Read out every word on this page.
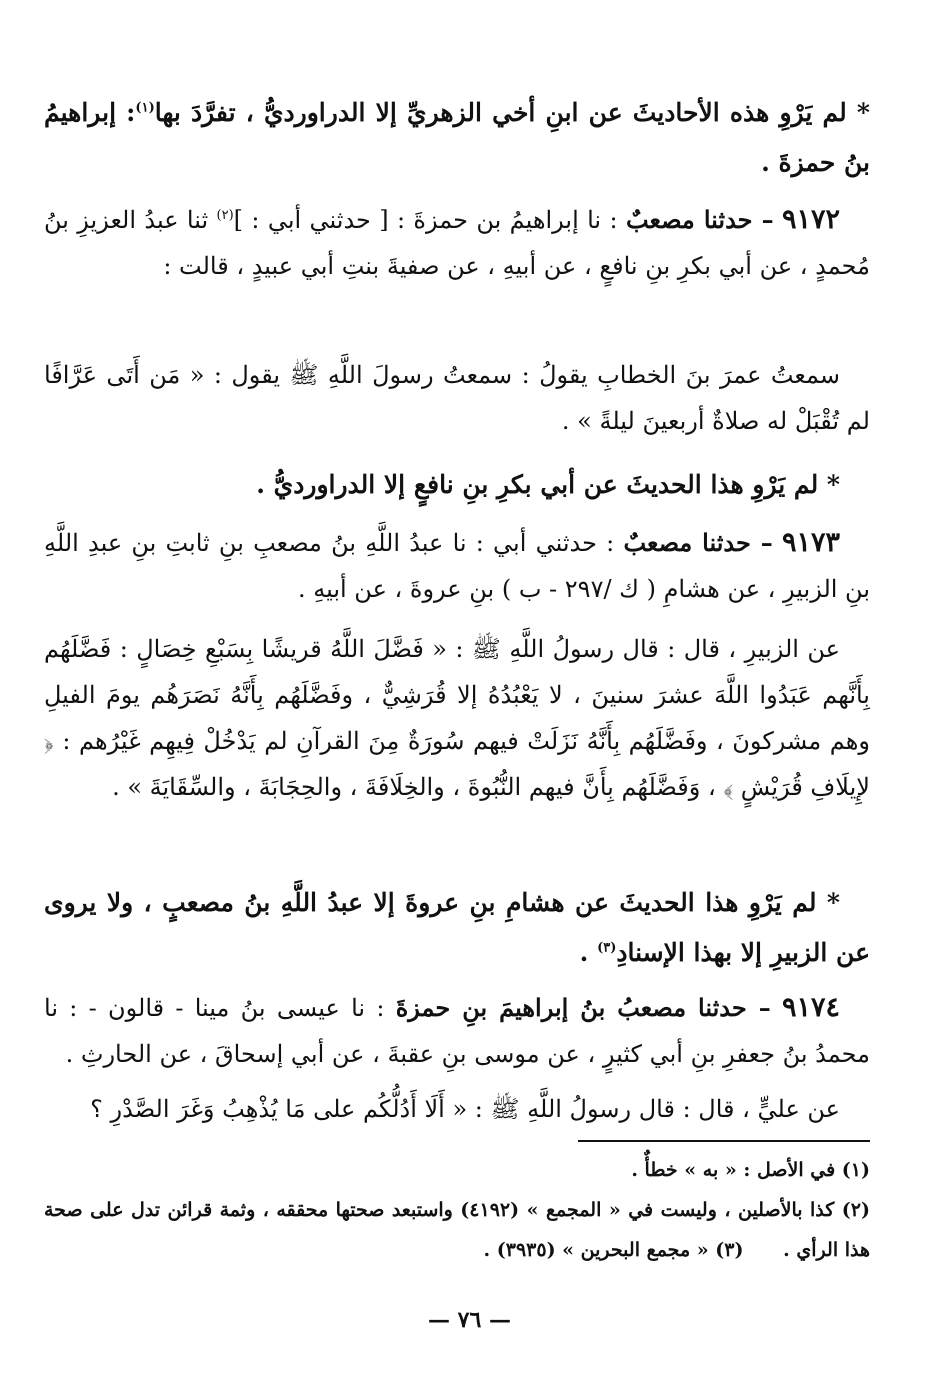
* لم يَرْوِ هذه الأحاديثَ عن ابنِ أخي الزهريِّ إلا الدراورديُّ ، تفرَّدَ بها$^{(١)}$: إبراهيمُ بنُ حمزةَ .

٩١٧٢ – حدثنا مصعبٌ : نا إبراهيمُ بن حمزةَ : [ حدثني أبي : ]$^{(٢)}$ ثنا عبدُ العزيزِ بنُ مُحمدٍ ، عن أبي بكرِ بنِ نافعٍ ، عن أبيهِ ، عن صفيةَ بنتِ أبي عبيدٍ ، قالت :

سمعتُ عمرَ بنَ الخطابِ يقولُ : سمعتُ رسولَ اللَّهِ ﷺ يقول : « مَن أَتَى عَرَّافًا لم تُقْبَلْ له صلاةٌ أربعينَ ليلةً » .

* لم يَرْوِ هذا الحديثَ عن أبي بكرِ بنِ نافعٍ إلا الدراورديُّ .

٩١٧٣ – حدثنا مصعبٌ : حدثني أبي : نا عبدُ اللَّهِ بنُ مصعبِ بنِ ثابتِ بنِ عبدِ اللَّهِ بنِ الزبيرِ ، عن هشامِ ( ك /٢٩٧ - ب ) بنِ عروةَ ، عن أبيهِ .

عن الزبيرِ ، قال : قال رسولُ اللَّهِ ﷺ : « فَضَّلَ اللَّهُ قريشًا بِسَبْعِ خِصَالٍ : فَضَّلَهُم بِأَنَّهم عَبَدُوا اللَّهَ عشرَ سنينَ ، لا يَعْبُدُهُ إلا قُرَشِيٌّ ، وفَضَّلَهُم بِأَنَّهُ نَصَرَهُم يومَ الفيلِ وهم مشركونَ ، وفَضَّلَهُم بِأَنَّهُ نَزَلَتْ فيهم سُورَةٌ مِنَ القرآنِ لم يَدْخُلْ فِيهِم غَيْرُهم : ﴿ لإِيلَافِ قُرَيْشٍ ﴾ ، وَفَضَّلَهُم بِأَنَّ فيهم النُّبُوةَ ، والخِلَافَةَ ، والحِجَابَةَ ، والسِّقَايَةَ » .

* لم يَرْوِ هذا الحديثَ عن هشامِ بنِ عروةَ إلا عبدُ اللَّهِ بنُ مصعبٍ ، ولا يروى عن الزبيرِ إلا بهذا الإسنادِ$^{(٣)}$ .

٩١٧٤ – حدثنا مصعبُ بنُ إبراهيمَ بنِ حمزةَ : نا عيسى بنُ مينا - قالون - : نا محمدُ بنُ جعفرِ بنِ أبي كثيرٍ ، عن موسى بنِ عقبةَ ، عن أبي إسحاقَ ، عن الحارثِ .

عن عليٍّ ، قال : قال رسولُ اللَّهِ ﷺ : « أَلَا أَدُلُّكُم على مَا يُذْهِبُ وَغَرَ الصَّدْرِ ؟

(١) في الأصل : « به » خطأٌ .

(٢) كذا بالأصلين ، وليست في « المجمع » (٤١٩٢) واستبعد صحتها محققه ، وثمة قرائن تدل على صحة هذا الرأي .      (٣) « مجمع البحرين » (٣٩٣٥) .

— ٧٦ —
